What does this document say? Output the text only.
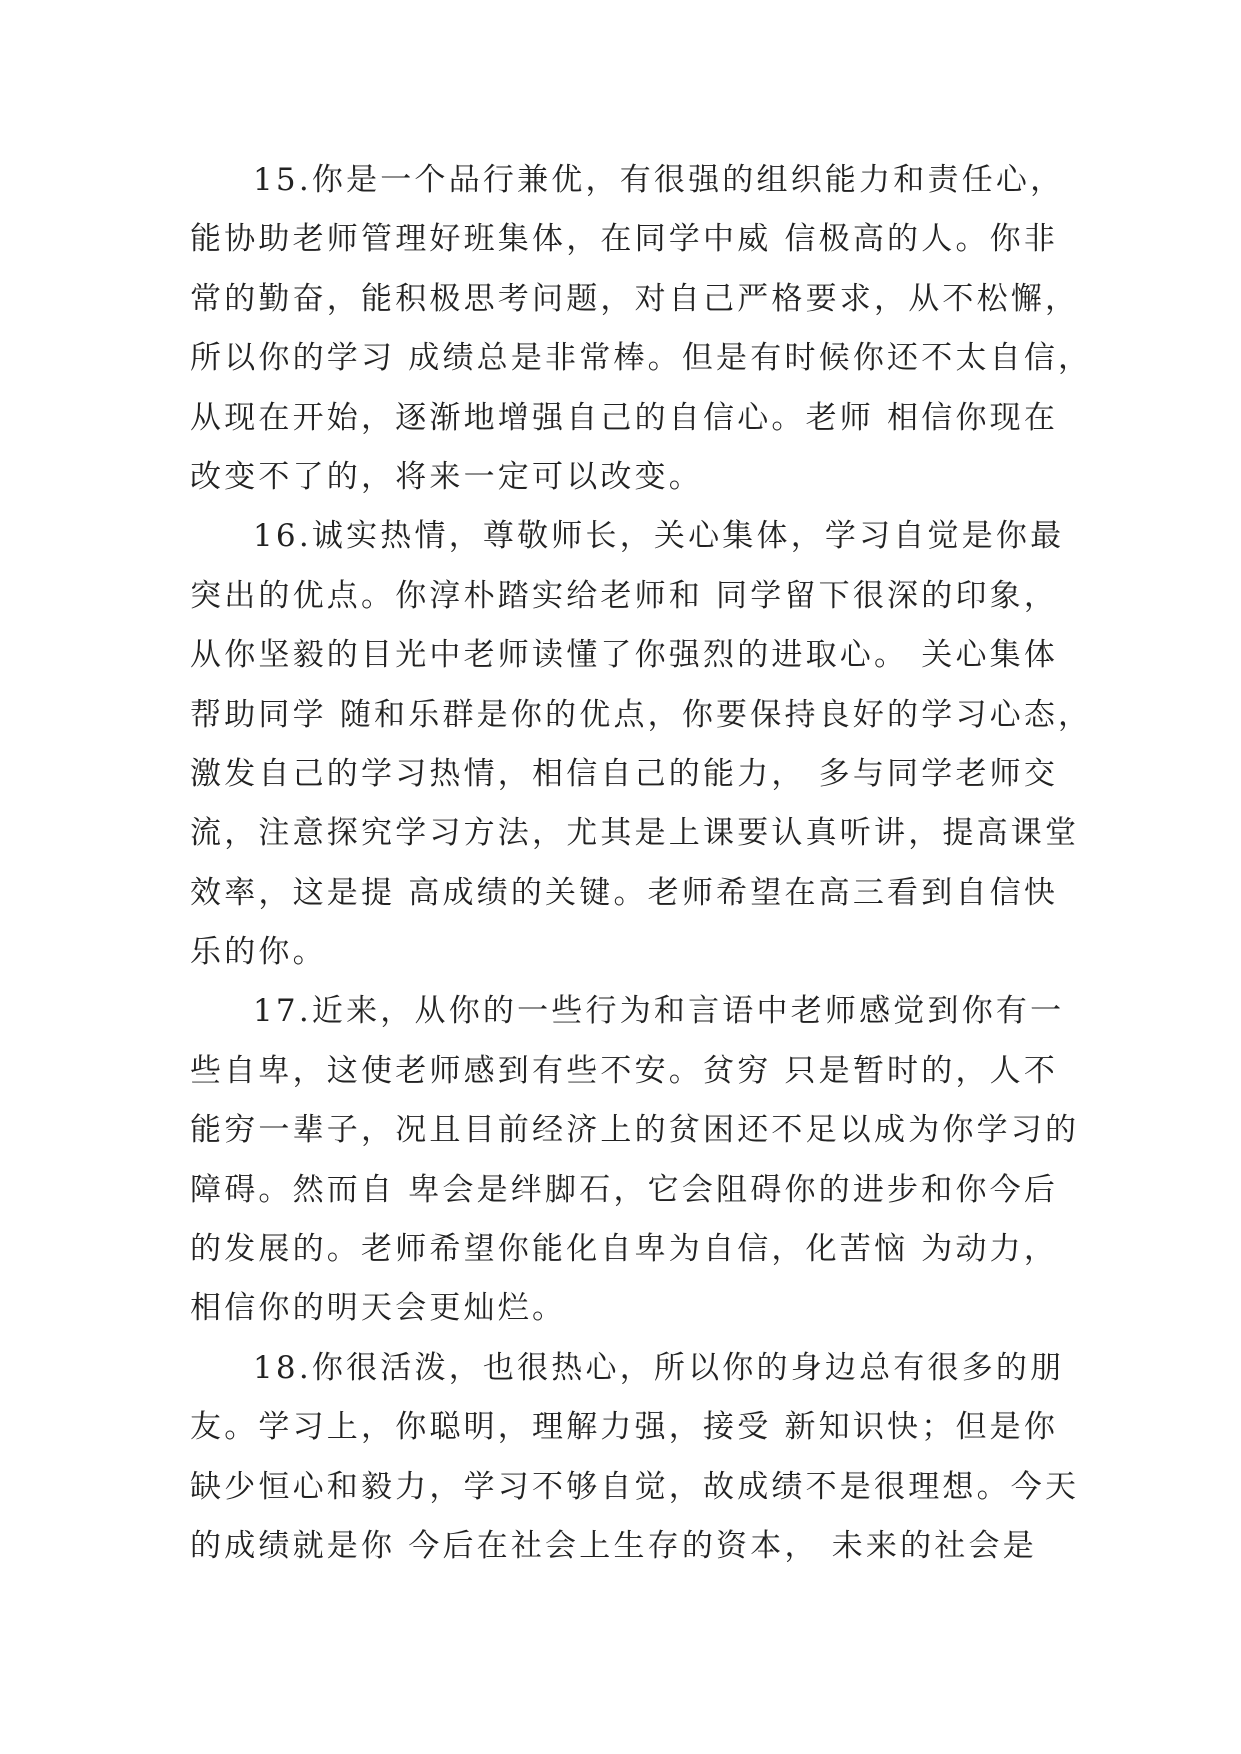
15.你是一个品行兼优，有很强的组织能力和责任心，
能协助老师管理好班集体，在同学中威 信极高的人。你非
常的勤奋，能积极思考问题，对自己严格要求，从不松懈，
所以你的学习 成绩总是非常棒。但是有时候你还不太自信，
从现在开始，逐渐地增强自己的自信心。老师 相信你现在
改变不了的，将来一定可以改变。
16.诚实热情，尊敬师长，关心集体，学习自觉是你最
突出的优点。你淳朴踏实给老师和 同学留下很深的印象，
从你坚毅的目光中老师读懂了你强烈的进取心。 关心集体
帮助同学 随和乐群是你的优点，你要保持良好的学习心态，
激发自己的学习热情，相信自己的能力， 多与同学老师交
流，注意探究学习方法，尤其是上课要认真听讲，提高课堂
效率，这是提 高成绩的关键。老师希望在高三看到自信快
乐的你。
17.近来，从你的一些行为和言语中老师感觉到你有一
些自卑，这使老师感到有些不安。贫穷 只是暂时的，人不
能穷一辈子，况且目前经济上的贫困还不足以成为你学习的
障碍。然而自 卑会是绊脚石，它会阻碍你的进步和你今后
的发展的。老师希望你能化自卑为自信，化苦恼 为动力，
相信你的明天会更灿烂。
18.你很活泼，也很热心，所以你的身边总有很多的朋
友。学习上，你聪明，理解力强，接受 新知识快；但是你
缺少恒心和毅力，学习不够自觉，故成绩不是很理想。今天
的成绩就是你 今后在社会上生存的资本， 未来的社会是
